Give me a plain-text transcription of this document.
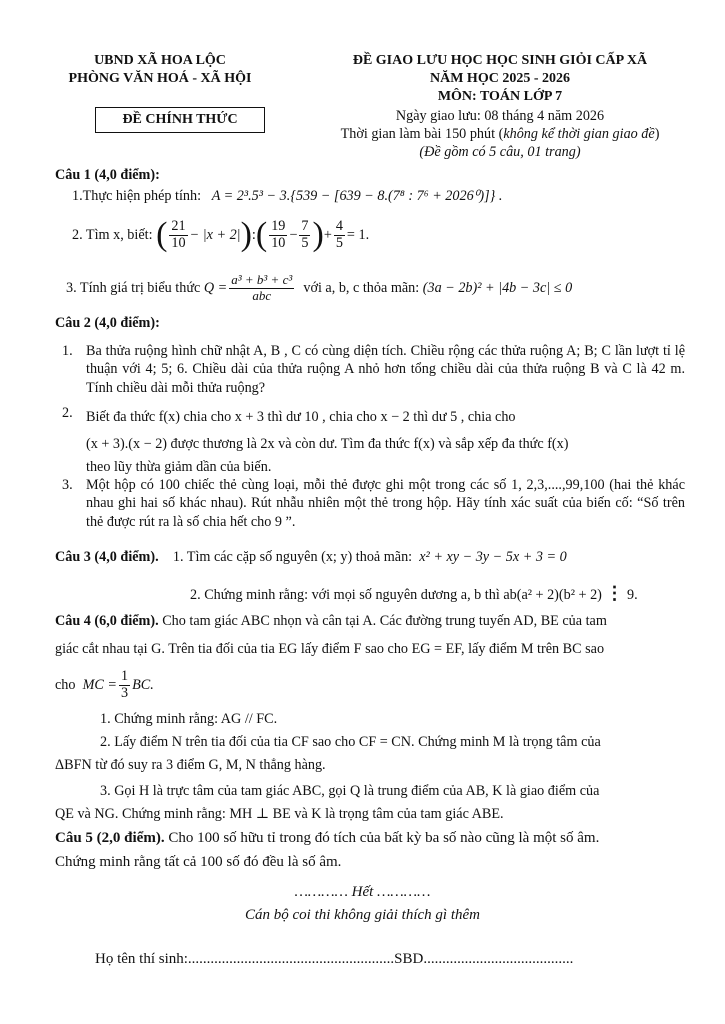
UBND XÃ HOA LỘC
PHÒNG VĂN HOÁ - XÃ HỘI
ĐỀ CHÍNH THỨC
ĐỀ GIAO LƯU HỌC HỌC SINH GIỎI CẤP XÃ
NĂM HỌC 2025 - 2026
MÔN: TOÁN LỚP 7
Ngày giao lưu: 08 tháng 4 năm 2026
Thời gian làm bài 150 phút (không kể thời gian giao đề)
(Đề gồm có 5 câu, 01 trang)
Câu 1 (4,0 điểm):
1.Thực hiện phép tính: A = 2³.5³ − 3.{539 − [639 − 8.(7⁸ : 7⁶ + 2026⁰)]} .
2. Tìm x, biết:
( $\frac{21}{10} - |x + 2|$ ) : ( $\frac{19}{10} - \frac{7}{5}$ ) + $\frac{4}{5} = 1$.
3. Tính giá trị biểu thức
$Q = \frac{\text{a³ + b³ + c³}}{\text{abc}}$
với a, b, c thỏa mãn:
(3a − 2b)² + |4b − 3c| ≤ 0
Câu 2 (4,0 điểm):
1. Ba thửa ruộng hình chữ nhật A, B , C có cùng diện tích. Chiều rộng các thửa ruộng A; B; C lần lượt tỉ lệ thuận với 4; 5; 6. Chiều dài của thửa ruộng A nhỏ hơn tổng chiều dài của thửa ruộng B và C là 42 m. Tính chiều dài mỗi thửa ruộng?
2. Biết đa thức f(x) chia cho x + 3 thì dư 10 , chia cho x − 2 thì dư 5 , chia cho
(x + 3).(x − 2) được thương là 2x và còn dư. Tìm đa thức f(x) và sắp xếp đa thức f(x)
theo lũy thừa giảm dần của biến.
3. Một hộp có 100 chiếc thẻ cùng loại, mỗi thẻ được ghi một trong các số 1, 2,3,....,99,100 (hai thẻ khác nhau ghi hai số khác nhau). Rút nhẫu nhiên một thẻ trong hộp. Hãy tính xác suất của biến cố: “Số trên thẻ được rút ra là số chia hết cho 9 ”.
Câu 3 (4,0 điểm). 1. Tìm các cặp số nguyên (x; y) thoả mãn: x² + xy − 3y − 5x + 3 = 0
2. Chứng minh rằng: với mọi số nguyên dương a, b thì ab(a² + 2)(b² + 2) ⋮ 9.
Câu 4 (6,0 điểm). Cho tam giác ABC nhọn và cân tại A. Các đường trung tuyến AD, BE của tam
giác cắt nhau tại G. Trên tia đối của tia EG lấy điểm F sao cho EG = EF, lấy điểm M trên BC sao
cho
MC = $\frac{1}{3}$ BC.
1. Chứng minh rằng: AG // FC.
2. Lấy điểm N trên tia đối của tia CF sao cho CF = CN. Chứng minh M là trọng tâm của
ΔBFN từ đó suy ra 3 điểm G, M, N thẳng hàng.
3. Gọi H là trực tâm của tam giác ABC, gọi Q là trung điểm của AB, K là giao điểm của
QE và NG. Chứng minh rằng: MH ⊥ BE và K là trọng tâm của tam giác ABE.
Câu 5 (2,0 điểm). Cho 100 số hữu tỉ trong đó tích của bất kỳ ba số nào cũng là một số âm.
Chứng minh rằng tất cả 100 số đó đều là số âm.
………… Hết …………
Cán bộ coi thi không giải thích gì thêm
Họ tên thí sinh:.......................................................SBD........................................
